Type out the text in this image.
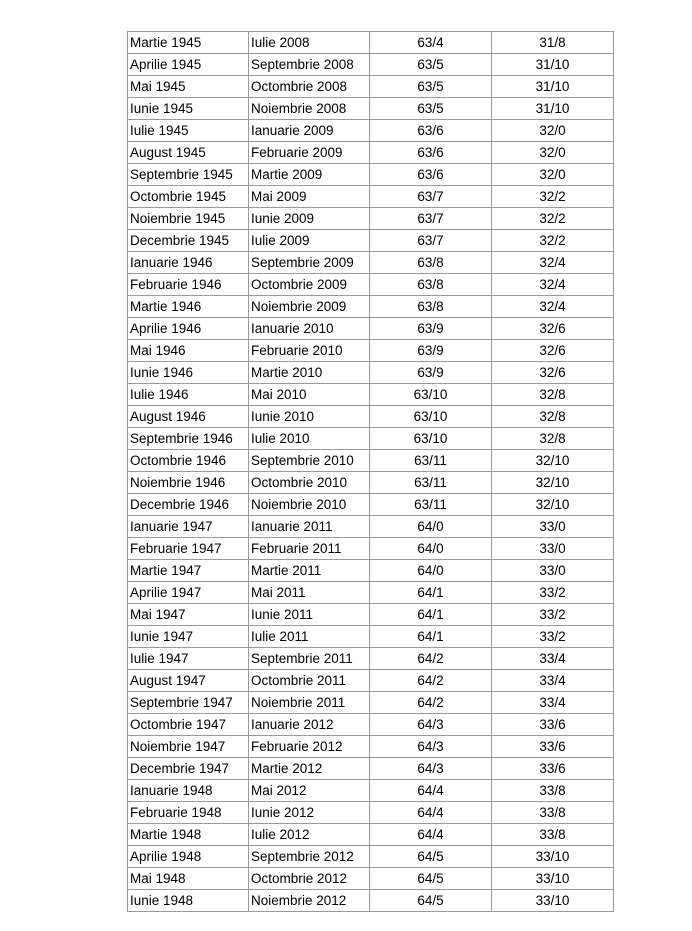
Martie 1945	Iulie 2008	63/4	31/8
Aprilie 1945	Septembrie 2008	63/5	31/10
Mai 1945	Octombrie 2008	63/5	31/10
Iunie 1945	Noiembrie 2008	63/5	31/10
Iulie 1945	Ianuarie 2009	63/6	32/0
August 1945	Februarie 2009	63/6	32/0
Septembrie 1945	Martie 2009	63/6	32/0
Octombrie 1945	Mai 2009	63/7	32/2
Noiembrie 1945	Iunie 2009	63/7	32/2
Decembrie 1945	Iulie 2009	63/7	32/2
Ianuarie 1946	Septembrie 2009	63/8	32/4
Februarie 1946	Octombrie 2009	63/8	32/4
Martie 1946	Noiembrie 2009	63/8	32/4
Aprilie 1946	Ianuarie 2010	63/9	32/6
Mai 1946	Februarie 2010	63/9	32/6
Iunie 1946	Martie 2010	63/9	32/6
Iulie 1946	Mai 2010	63/10	32/8
August 1946	Iunie 2010	63/10	32/8
Septembrie 1946	Iulie 2010	63/10	32/8
Octombrie 1946	Septembrie 2010	63/11	32/10
Noiembrie 1946	Octombrie 2010	63/11	32/10
Decembrie 1946	Noiembrie 2010	63/11	32/10
Ianuarie 1947	Ianuarie 2011	64/0	33/0
Februarie 1947	Februarie 2011	64/0	33/0
Martie 1947	Martie 2011	64/0	33/0
Aprilie 1947	Mai 2011	64/1	33/2
Mai 1947	Iunie 2011	64/1	33/2
Iunie 1947	Iulie 2011	64/1	33/2
Iulie 1947	Septembrie 2011	64/2	33/4
August 1947	Octombrie 2011	64/2	33/4
Septembrie 1947	Noiembrie 2011	64/2	33/4
Octombrie 1947	Ianuarie 2012	64/3	33/6
Noiembrie 1947	Februarie 2012	64/3	33/6
Decembrie 1947	Martie 2012	64/3	33/6
Ianuarie 1948	Mai 2012	64/4	33/8
Februarie 1948	Iunie 2012	64/4	33/8
Martie 1948	Iulie 2012	64/4	33/8
Aprilie 1948	Septembrie 2012	64/5	33/10
Mai 1948	Octombrie 2012	64/5	33/10
Iunie 1948	Noiembrie 2012	64/5	33/10
